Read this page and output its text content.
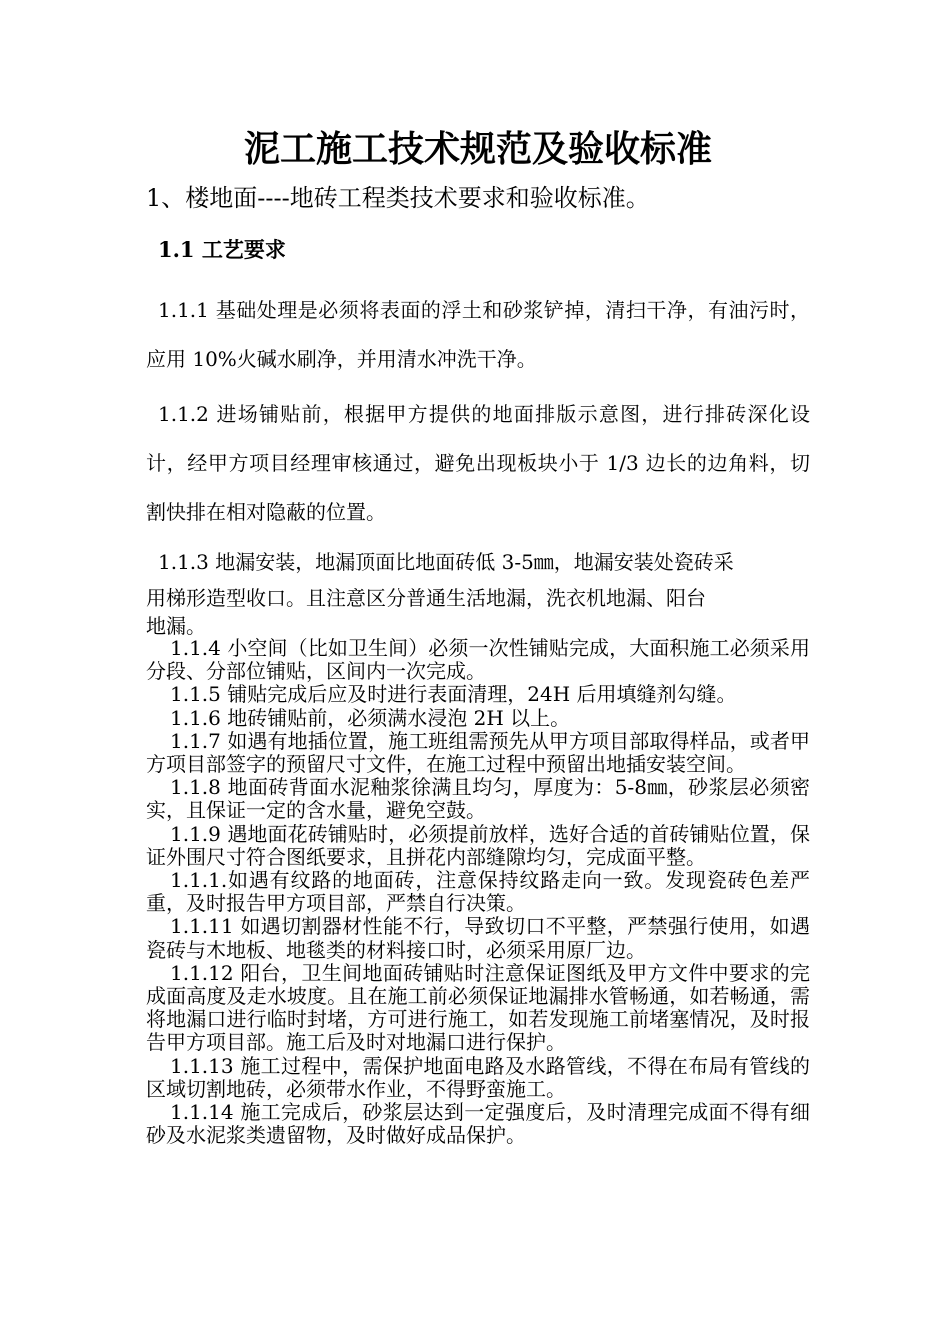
泥工施工技术规范及验收标准
1、楼地面----地砖工程类技术要求和验收标准。
1.1 工艺要求

1.1.1 基础处理是必须将表面的浮土和砂浆铲掉，清扫干净，有油污时，应用 10%火碱水刷净，并用清水冲洗干净。

1.1.2 进场铺贴前，根据甲方提供的地面排版示意图，进行排砖深化设计，经甲方项目经理审核通过，避免出现板块小于 1/3 边长的边角料，切割快排在相对隐蔽的位置。

1.1.3 地漏安装，地漏顶面比地面砖低 3-5㎜，地漏安装处瓷砖采
用梯形造型收口。且注意区分普通生活地漏，洗衣机地漏、阳台
地漏。

1.1.4 小空间（比如卫生间）必须一次性铺贴完成，大面积施工必须采用分段、分部位铺贴，区间内一次完成。

1.1.5 铺贴完成后应及时进行表面清理，24H 后用填缝剂勾缝。

1.1.6 地砖铺贴前，必须满水浸泡 2H 以上。

1.1.7 如遇有地插位置，施工班组需预先从甲方项目部取得样品，或者甲方项目部签字的预留尺寸文件，在施工过程中预留出地插安装空间。

1.1.8 地面砖背面水泥釉浆徐满且均匀，厚度为：5-8㎜，砂浆层必须密实，且保证一定的含水量，避免空鼓。

1.1.9 遇地面花砖铺贴时，必须提前放样，选好合适的首砖铺贴位置，保证外围尺寸符合图纸要求，且拼花内部缝隙均匀，完成面平整。

1.1.1.如遇有纹路的地面砖，注意保持纹路走向一致。发现瓷砖色差严重，及时报告甲方项目部，严禁自行决策。

1.1.11 如遇切割器材性能不行，导致切口不平整，严禁强行使用，如遇瓷砖与木地板、地毯类的材料接口时，必须采用原厂边。

1.1.12 阳台，卫生间地面砖铺贴时注意保证图纸及甲方文件中要求的完成面高度及走水坡度。且在施工前必须保证地漏排水管畅通，如若畅通，需将地漏口进行临时封堵，方可进行施工，如若发现施工前堵塞情况，及时报告甲方项目部。施工后及时对地漏口进行保护。

1.1.13 施工过程中，需保护地面电路及水路管线，不得在布局有管线的区域切割地砖，必须带水作业，不得野蛮施工。

1.1.14 施工完成后，砂浆层达到一定强度后，及时清理完成面不得有细砂及水泥浆类遗留物，及时做好成品保护。
